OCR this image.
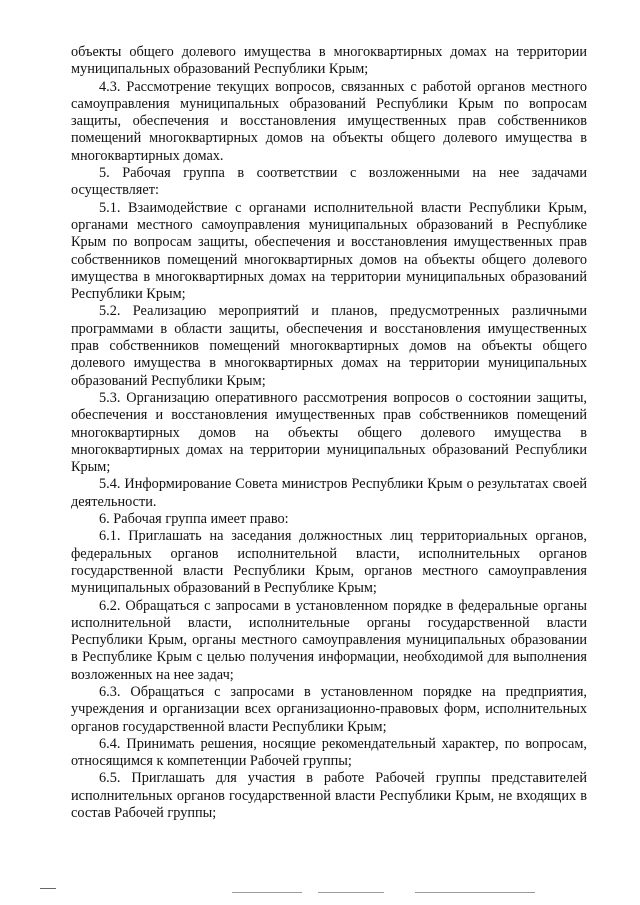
объекты общего долевого имущества в многоквартирных домах на территории муниципальных образований Республики Крым;

4.3. Рассмотрение текущих вопросов, связанных с работой органов местного самоуправления муниципальных образований Республики Крым по вопросам защиты, обеспечения и восстановления имущественных прав собственников помещений многоквартирных домов на объекты общего долевого имущества в многоквартирных домах.

5. Рабочая группа в соответствии с возложенными на нее задачами осуществляет:

5.1. Взаимодействие с органами исполнительной власти Республики Крым, органами местного самоуправления муниципальных образований в Республике Крым по вопросам защиты, обеспечения и восстановления имущественных прав собственников помещений многоквартирных домов на объекты общего долевого имущества в многоквартирных домах на территории муниципальных образований Республики Крым;

5.2. Реализацию мероприятий и планов, предусмотренных различными программами в области защиты, обеспечения и восстановления имущественных прав собственников помещений многоквартирных домов на объекты общего долевого имущества в многоквартирных домах на территории муниципальных образований Республики Крым;

5.3. Организацию оперативного рассмотрения вопросов о состоянии защиты, обеспечения и восстановления имущественных прав собственников помещений многоквартирных домов на объекты общего долевого имущества в многоквартирных домах на территории муниципальных образований Республики Крым;

5.4. Информирование Совета министров Республики Крым о результатах своей деятельности.

6. Рабочая группа имеет право:

6.1. Приглашать на заседания должностных лиц территориальных органов, федеральных органов исполнительной власти, исполнительных органов государственной власти Республики Крым, органов местного самоуправления муниципальных образований в Республике Крым;

6.2. Обращаться с запросами в установленном порядке в федеральные органы исполнительной власти, исполнительные органы государственной власти Республики Крым, органы местного самоуправления муниципальных образовании в Республике Крым с целью получения информации, необходимой для выполнения возложенных на нее задач;

6.3. Обращаться с запросами в установленном порядке на предприятия, учреждения и организации всех организационно-правовых форм, исполнительных органов государственной власти Республики Крым;

6.4. Принимать решения, носящие рекомендательный характер, по вопросам, относящимся к компетенции Рабочей группы;

6.5. Приглашать для участия в работе Рабочей группы представителей исполнительных органов государственной власти Республики Крым, не входящих в состав Рабочей группы;
